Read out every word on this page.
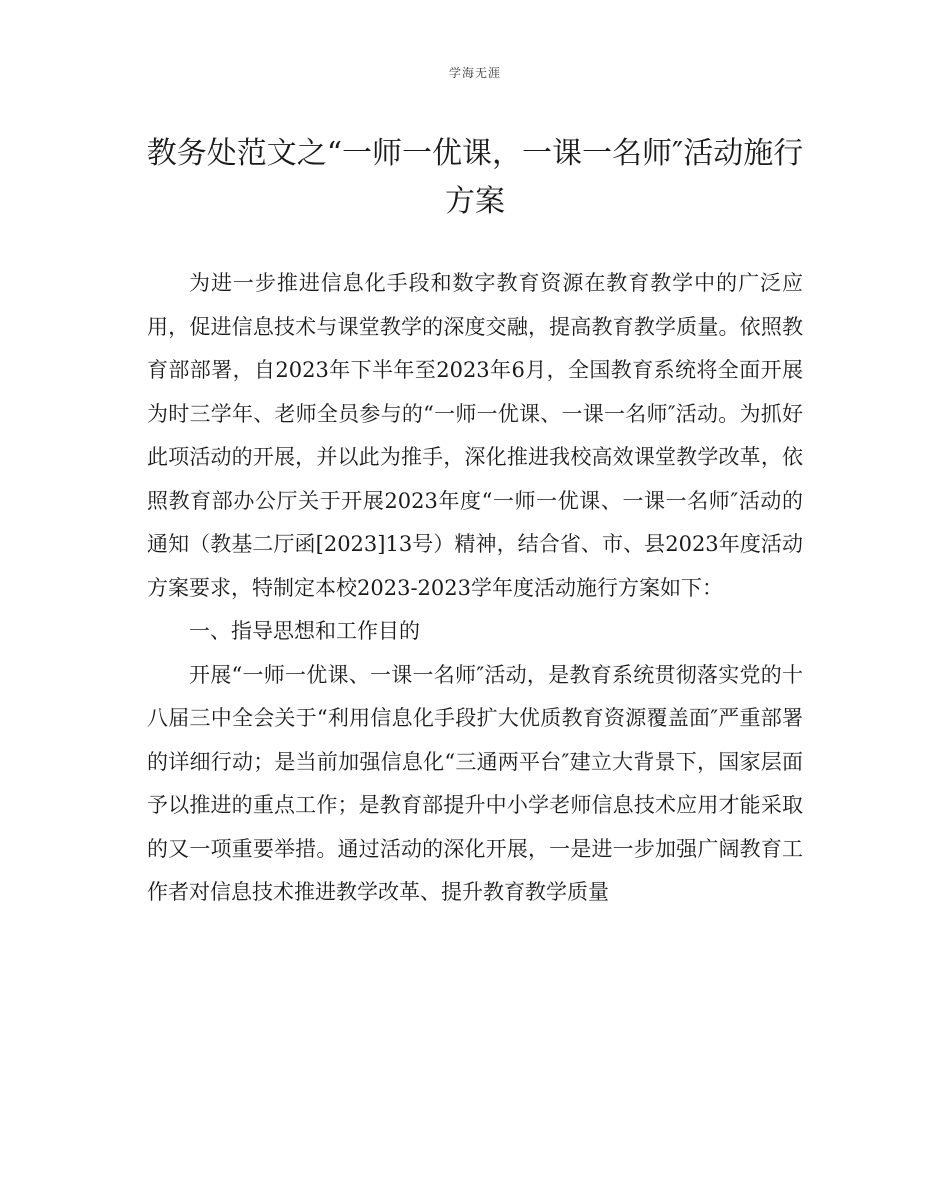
学海无涯
教务处范文之“一师一优课，一课一名师″活动施行方案

为进一步推进信息化手段和数字教育资源在教育教学中的广泛应用，促进信息技术与课堂教学的深度交融，提高教育教学质量。依照教育部部署，自2023年下半年至2023年6月，全国教育系统将全面开展为时三学年、老师全员参与的“一师一优课、一课一名师″活动。为抓好此项活动的开展，并以此为推手，深化推进我校高效课堂教学改革，依照教育部办公厅关于开展2023年度“一师一优课、一课一名师″活动的通知（教基二厅函[2023]13号）精神，结合省、市、县2023年度活动方案要求，特制定本校2023-2023学年度活动施行方案如下：

一、指导思想和工作目的

开展“一师一优课、一课一名师″活动，是教育系统贯彻落实党的十八届三中全会关于“利用信息化手段扩大优质教育资源覆盖面″严重部署的详细行动；是当前加强信息化“三通两平台″建立大背景下，国家层面予以推进的重点工作；是教育部提升中小学老师信息技术应用才能采取的又一项重要举措。通过活动的深化开展，一是进一步加强广阔教育工作者对信息技术推进教学改革、提升教育教学质量
